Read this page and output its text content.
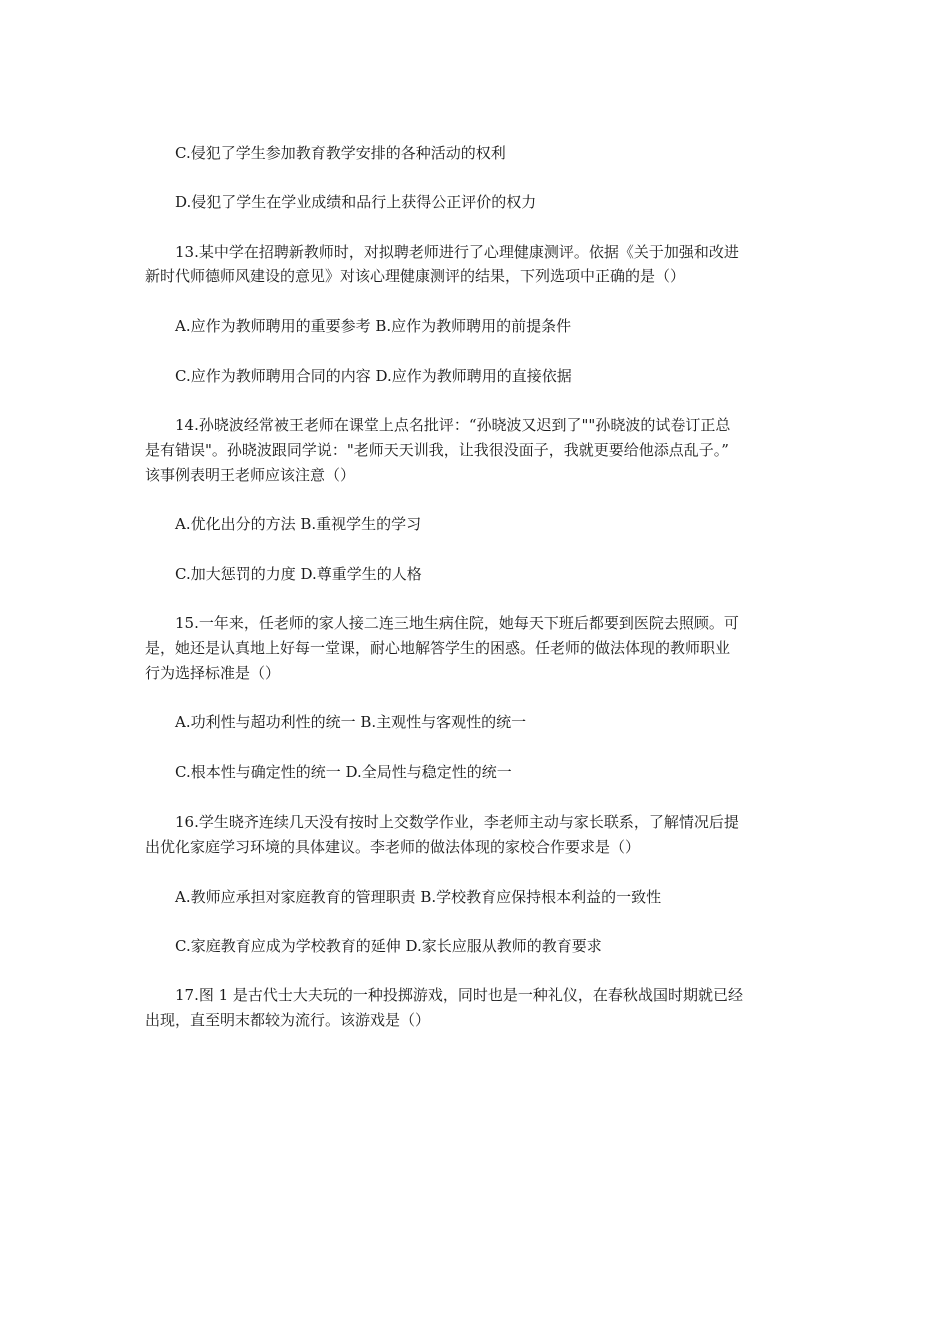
C.侵犯了学生参加教育教学安排的各种活动的权利
D.侵犯了学生在学业成绩和品行上获得公正评价的权力
13.某中学在招聘新教师时，对拟聘老师进行了心理健康测评。依据《关于加强和改进
新时代师德师风建设的意见》对该心理健康测评的结果，下列选项中正确的是（）
A.应作为教师聘用的重要参考 B.应作为教师聘用的前提条件
C.应作为教师聘用合同的内容 D.应作为教师聘用的直接依据
14.孙晓波经常被王老师在课堂上点名批评：“孙晓波又迟到了""孙晓波的试卷订正总
是有错误"。孙晓波跟同学说："老师天天训我，让我很没面子，我就更要给他添点乱子。”
该事例表明王老师应该注意（）
A.优化出分的方法 B.重视学生的学习
C.加大惩罚的力度 D.尊重学生的人格
15.一年来，任老师的家人接二连三地生病住院，她每天下班后都要到医院去照顾。可
是，她还是认真地上好每一堂课，耐心地解答学生的困惑。任老师的做法体现的教师职业
行为选择标准是（）
A.功利性与超功利性的统一 B.主观性与客观性的统一
C.根本性与确定性的统一 D.全局性与稳定性的统一
16.学生晓齐连续几天没有按时上交数学作业，李老师主动与家长联系，了解情况后提
出优化家庭学习环境的具体建议。李老师的做法体现的家校合作要求是（）
A.教师应承担对家庭教育的管理职责 B.学校教育应保持根本利益的一致性
C.家庭教育应成为学校教育的延伸 D.家长应服从教师的教育要求
17.图 1 是古代士大夫玩的一种投掷游戏，同时也是一种礼仪，在春秋战国时期就已经
出现，直至明末都较为流行。该游戏是（）
